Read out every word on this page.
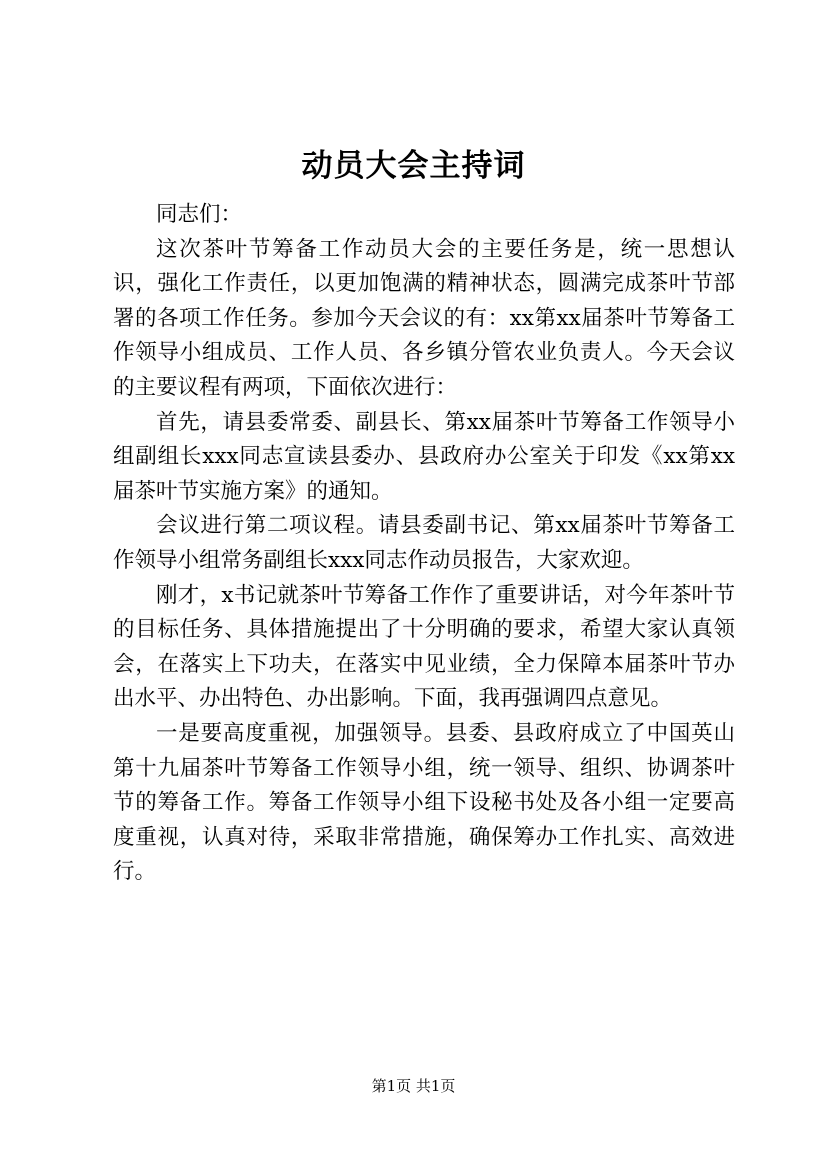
动员大会主持词

同志们：

这次茶叶节筹备工作动员大会的主要任务是，统一思想认识，强化工作责任，以更加饱满的精神状态，圆满完成茶叶节部署的各项工作任务。参加今天会议的有：xx第xx届茶叶节筹备工作领导小组成员、工作人员、各乡镇分管农业负责人。今天会议的主要议程有两项，下面依次进行：

首先，请县委常委、副县长、第xx届茶叶节筹备工作领导小组副组长xxx同志宣读县委办、县政府办公室关于印发《xx第xx届茶叶节实施方案》的通知。

会议进行第二项议程。请县委副书记、第xx届茶叶节筹备工作领导小组常务副组长xxx同志作动员报告，大家欢迎。

刚才，x书记就茶叶节筹备工作作了重要讲话，对今年茶叶节的目标任务、具体措施提出了十分明确的要求，希望大家认真领会，在落实上下功夫，在落实中见业绩，全力保障本届茶叶节办出水平、办出特色、办出影响。下面，我再强调四点意见。

一是要高度重视，加强领导。县委、县政府成立了中国英山第十九届茶叶节筹备工作领导小组，统一领导、组织、协调茶叶节的筹备工作。筹备工作领导小组下设秘书处及各小组一定要高度重视，认真对待，采取非常措施，确保筹办工作扎实、高效进行。

第1页 共1页
